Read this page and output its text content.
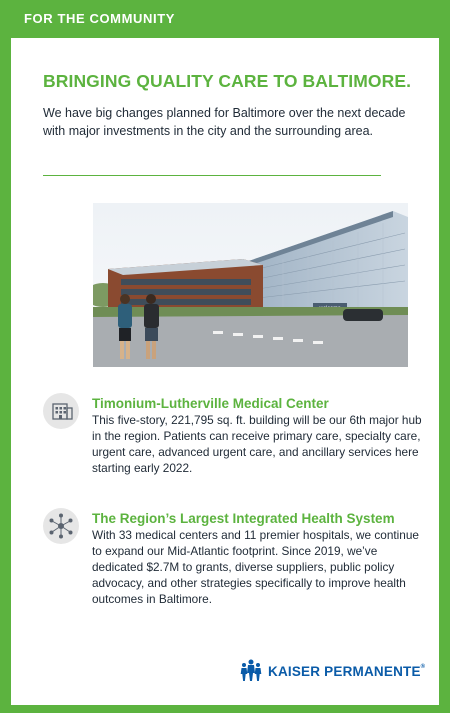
FOR THE COMMUNITY
BRINGING QUALITY CARE TO BALTIMORE.
We have big changes planned for Baltimore over the next decade with major investments in the city and the surrounding area.
Timonium-Lutherville Medical Center
This five-story, 221,795 sq. ft. building will be our 6th major hub in the region. Patients can receive primary care, specialty care, urgent care, advanced urgent care, and ancillary services here starting early 2022.
The Region’s Largest Integrated Health System
With 33 medical centers and 11 premier hospitals, we continue to expand our Mid-Atlantic footprint. Since 2019, we’ve dedicated $2.7M to grants, diverse suppliers, public policy advocacy, and other strategies specifically to improve health outcomes in Baltimore.
KAISER PERMANENTE®
